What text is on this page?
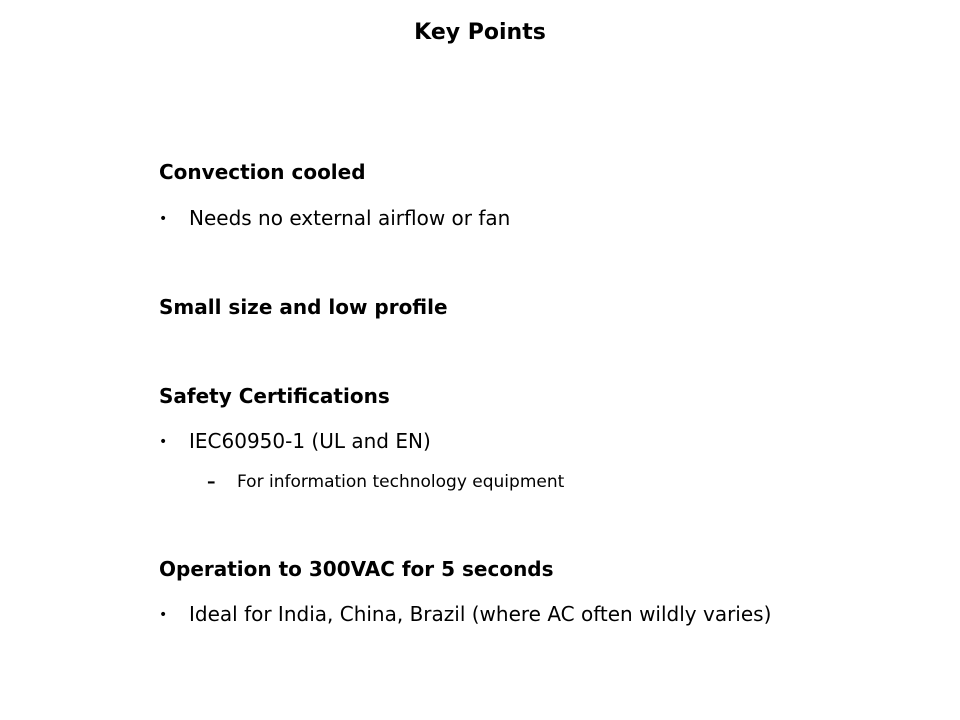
Key Points
Convection cooled
• Needs no external airflow or fan
Small size and low profile
Safety Certifications
• IEC60950-1 (UL and EN)
– For information technology equipment
Operation to 300VAC for 5 seconds
• Ideal for India, China, Brazil (where AC often wildly varies)
